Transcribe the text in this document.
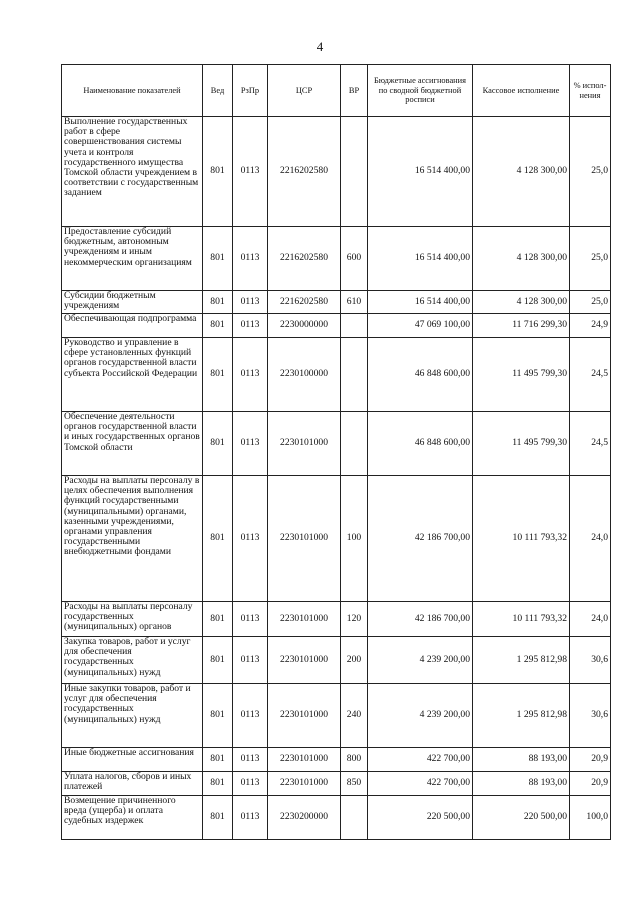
4
Наименование показателей	Вед	РзПр	ЦСР	ВР	Бюджетные ассигнования по сводной бюджетной росписи	Кассовое исполнение	% испол-нения
Выполнение государственных работ в сфере совершенствования системы учета и контроля государственного имущества Томской области учреждением в соответствии с государственным заданием	801	0113	2216202580		16 514 400,00	4 128 300,00	25,0
Предоставление субсидий бюджетным, автономным учреждениям и иным некоммерческим организациям	801	0113	2216202580	600	16 514 400,00	4 128 300,00	25,0
Субсидии бюджетным учреждениям	801	0113	2216202580	610	16 514 400,00	4 128 300,00	25,0
Обеспечивающая подпрограмма	801	0113	2230000000		47 069 100,00	11 716 299,30	24,9
Руководство и управление в сфере установленных функций органов государственной власти субъекта Российской Федерации	801	0113	2230100000		46 848 600,00	11 495 799,30	24,5
Обеспечение деятельности органов государственной власти и иных государственных органов Томской области	801	0113	2230101000		46 848 600,00	11 495 799,30	24,5
Расходы на выплаты персоналу в целях обеспечения выполнения функций государственными (муниципальными) органами, казенными учреждениями, органами управления государственными внебюджетными фондами	801	0113	2230101000	100	42 186 700,00	10 111 793,32	24,0
Расходы на выплаты персоналу государственных (муниципальных) органов	801	0113	2230101000	120	42 186 700,00	10 111 793,32	24,0
Закупка товаров, работ и услуг для обеспечения государственных (муниципальных) нужд	801	0113	2230101000	200	4 239 200,00	1 295 812,98	30,6
Иные закупки товаров, работ и услуг для обеспечения государственных (муниципальных) нужд	801	0113	2230101000	240	4 239 200,00	1 295 812,98	30,6
Иные бюджетные ассигнования	801	0113	2230101000	800	422 700,00	88 193,00	20,9
Уплата налогов, сборов и иных платежей	801	0113	2230101000	850	422 700,00	88 193,00	20,9
Возмещение причиненного вреда (ущерба) и оплата судебных издержек	801	0113	2230200000		220 500,00	220 500,00	100,0
